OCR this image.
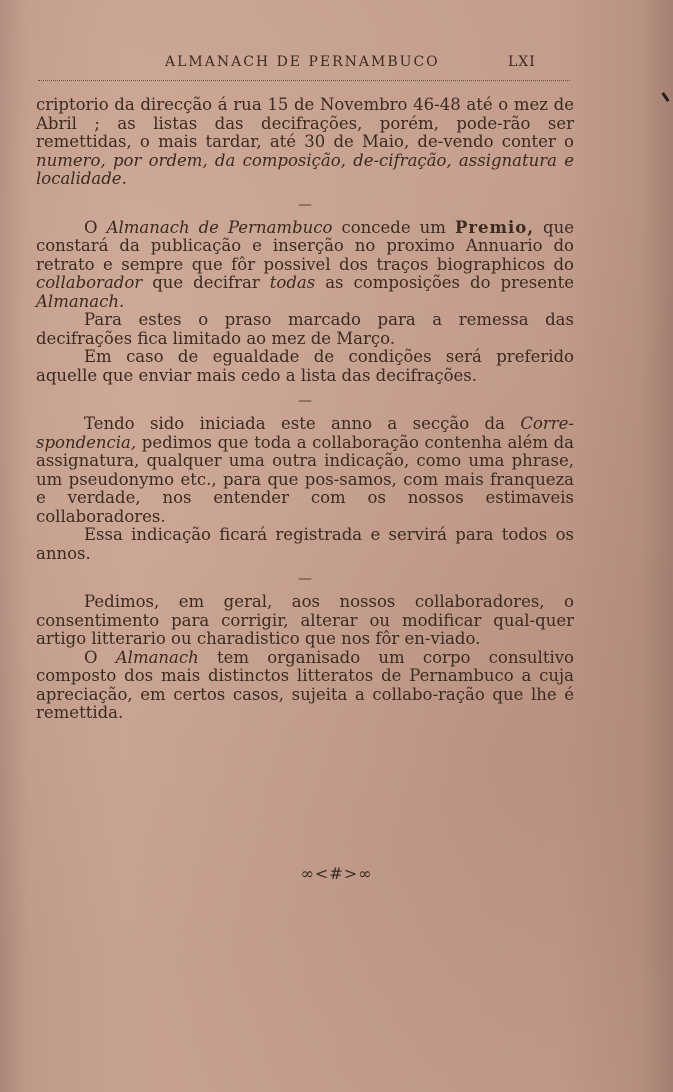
ALMANACH DE PERNAMBUCO	LXI

criptorio da direcção á rua 15 de Novembro 46-48 até o mez de Abril ; as listas das decifrações, porém, pode-rão ser remettidas, o mais tardar, até 30 de Maio, de-vendo conter o numero, por ordem, da composição, de-cifração, assignatura e localidade.

—

O Almanach de Pernambuco concede um Premio, que constará da publicação e inserção no proximo Annuario do retrato e sempre que fôr possivel dos traços biographicos do collaborador que decifrar todas as composições do presente Almanach.

Para estes o praso marcado para a remessa das decifrações fica limitado ao mez de Março.

Em caso de egualdade de condições será preferido aquelle que enviar mais cedo a lista das decifrações.

—

Tendo sido iniciada este anno a secção da Corre-spondencia, pedimos que toda a collaboração contenha além da assignatura, qualquer uma outra indicação, como uma phrase, um pseudonymo etc., para que pos-samos, com mais franqueza e verdade, nos entender com os nossos estimaveis collaboradores.

Essa indicação ficará registrada e servirá para todos os annos.

—

Pedimos, em geral, aos nossos collaboradores, o consentimento para corrigir, alterar ou modificar qual-quer artigo litterario ou charadistico que nos fôr en-viado.

O Almanach tem organisado um corpo consultivo composto dos mais distinctos litteratos de Pernambuco a cuja apreciação, em certos casos, sujeita a collabo-ração que lhe é remettida.

∞<#>∞
